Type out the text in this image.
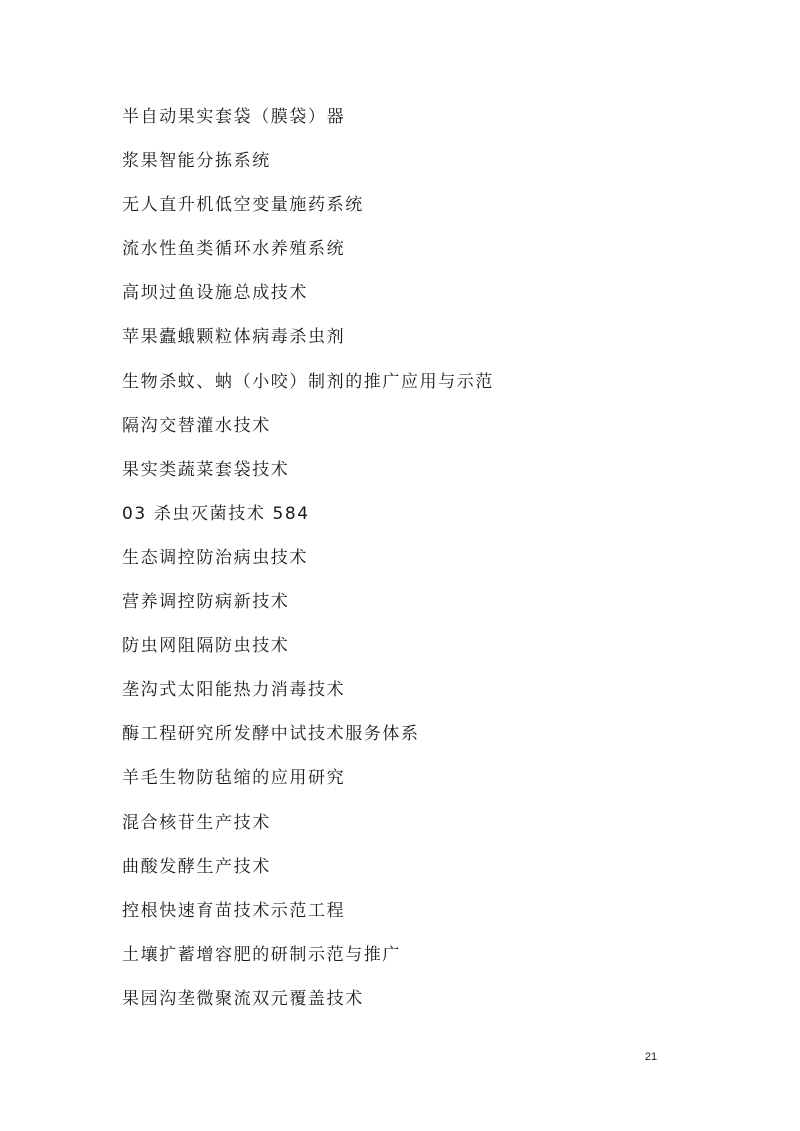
半自动果实套袋（膜袋）器
浆果智能分拣系统
无人直升机低空变量施药系统
流水性鱼类循环水养殖系统
高坝过鱼设施总成技术
苹果蠹蛾颗粒体病毒杀虫剂
生物杀蚊、蚋（小咬）制剂的推广应用与示范
隔沟交替灌水技术
果实类蔬菜套袋技术
03 杀虫灭菌技术 584
生态调控防治病虫技术
营养调控防病新技术
防虫网阻隔防虫技术
垄沟式太阳能热力消毒技术
酶工程研究所发酵中试技术服务体系
羊毛生物防毡缩的应用研究
混合核苷生产技术
曲酸发酵生产技术
控根快速育苗技术示范工程
土壤扩蓄增容肥的研制示范与推广
果园沟垄微聚流双元覆盖技术
21
